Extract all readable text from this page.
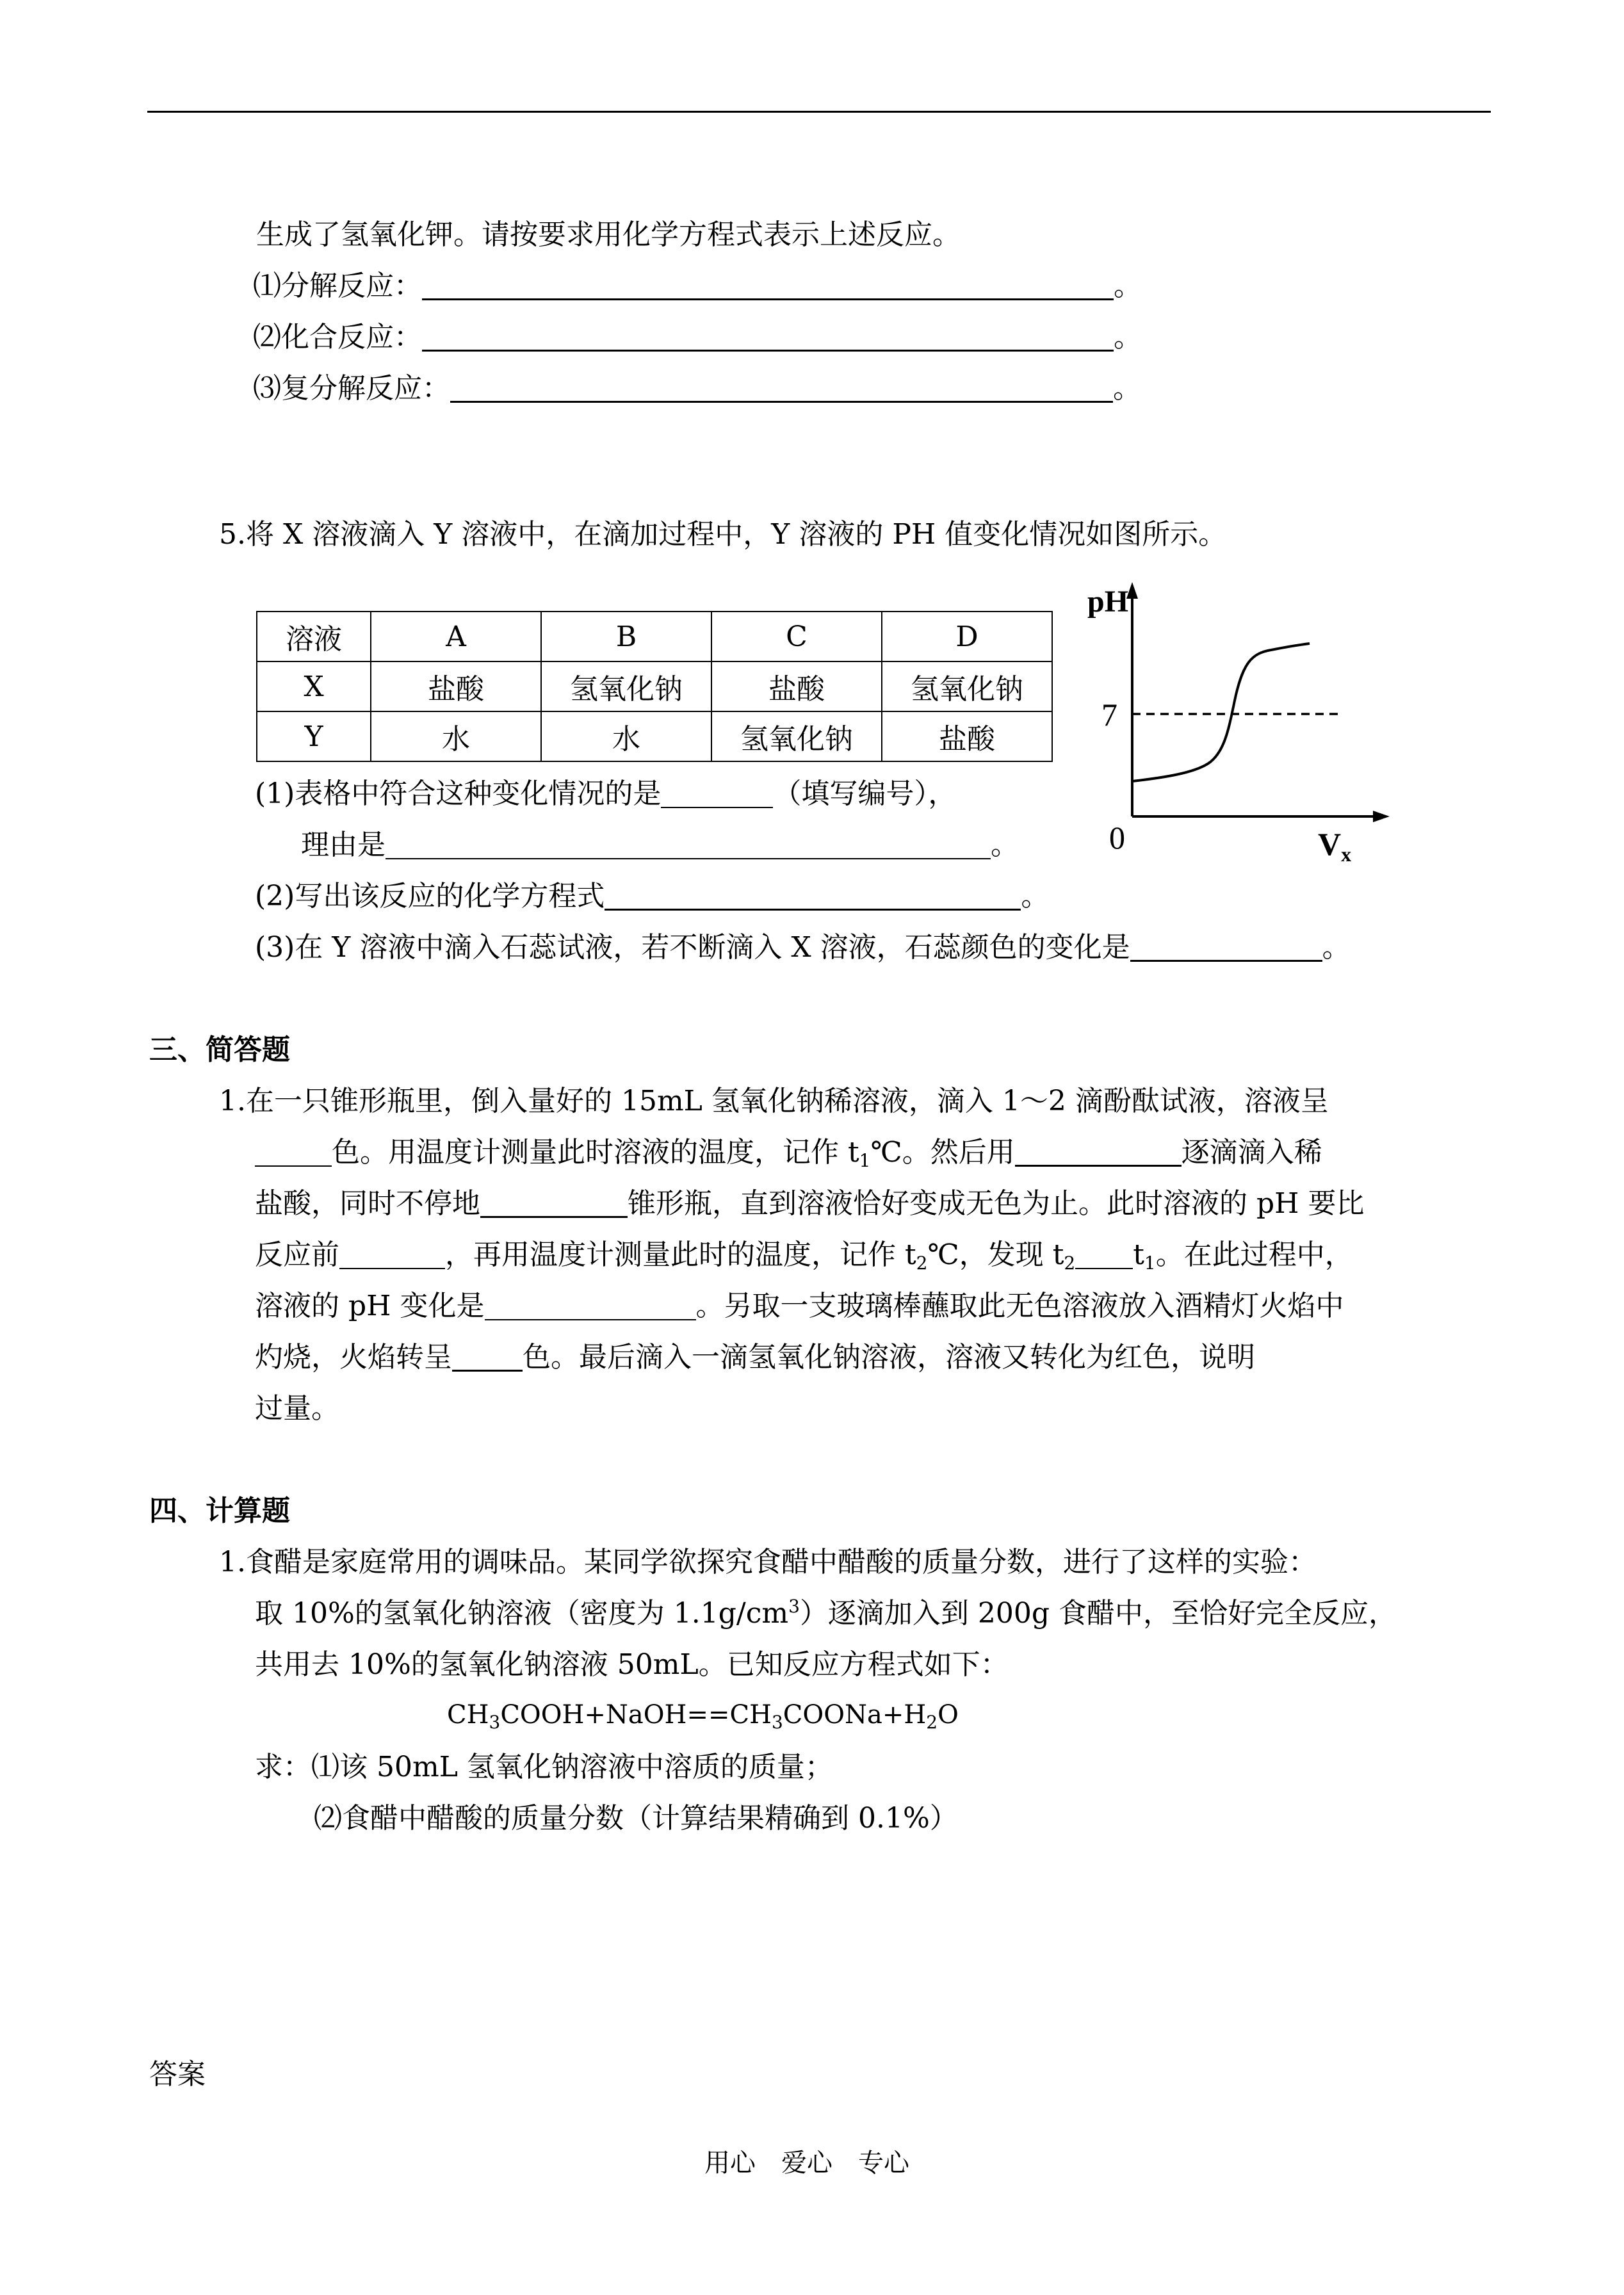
生成了氢氧化钾。请按要求用化学方程式表示上述反应。
⑴分解反应：	。
⑵化合反应：	。
⑶复分解反应：	。
5.将 X 溶液滴入 Y 溶液中，在滴加过程中，Y 溶液的 PH 值变化情况如图所示。
溶液	A	B	C	D
X	盐酸	氢氧化钠	盐酸	氢氧化钠
Y	水	水	氢氧化钠	盐酸
pH
7
0	$V_x$
(1)表格中符合这种变化情况的是	（填写编号），
理由是	。
(2)写出该反应的化学方程式	。
(3)在 Y 溶液中滴入石蕊试液，若不断滴入 X 溶液，石蕊颜色的变化是	。
三、简答题
1.在一只锥形瓶里，倒入量好的 15mL 氢氧化钠稀溶液，滴入 1～2 滴酚酞试液，溶液呈
色。用温度计测量此时溶液的温度，记作 $t_1℃$。然后用	逐滴滴入稀
盐酸，同时不停地	锥形瓶，直到溶液恰好变成无色为止。此时溶液的 pH 要比
反应前	，再用温度计测量此时的温度，记作 $t_2℃$，发现 $t_2$ $t_1$。在此过程中，
溶液的 pH 变化是	。另取一支玻璃棒蘸取此无色溶液放入酒精灯火焰中
灼烧，火焰转呈	色。最后滴入一滴氢氧化钠溶液，溶液又转化为红色，说明
过量。
四、计算题
1.食醋是家庭常用的调味品。某同学欲探究食醋中醋酸的质量分数，进行了这样的实验：
取 10%的氢氧化钠溶液（密度为 $1.1g/cm^3$）逐滴加入到 200g 食醋中，至恰好完全反应，
共用去 10%的氢氧化钠溶液 50mL。已知反应方程式如下：
$CH_3COOH+NaOH==CH_3COONa+H_2O$
求：⑴该 50mL 氢氧化钠溶液中溶质的质量；
⑵食醋中醋酸的质量分数（计算结果精确到 0.1%）
答案
用心　爱心　专心
